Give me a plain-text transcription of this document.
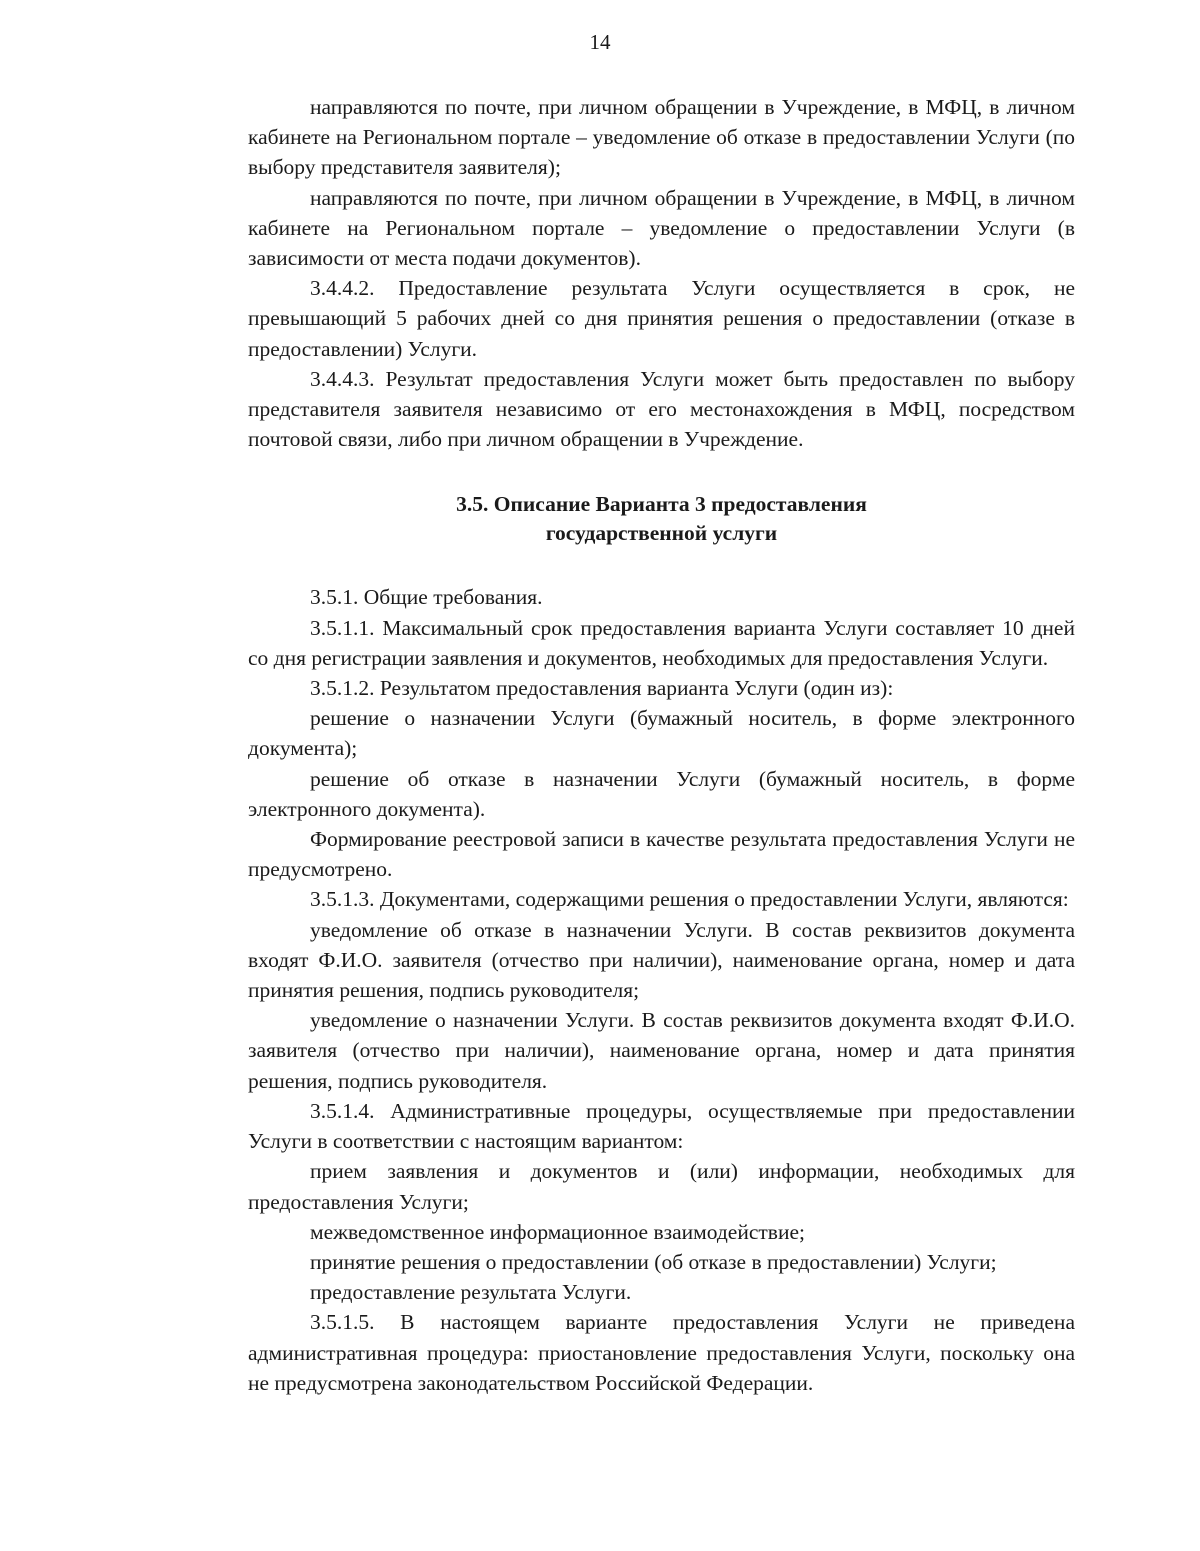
14

направляются по почте, при личном обращении в Учреждение, в МФЦ, в личном кабинете на Региональном портале – уведомление об отказе в предоставлении Услуги (по выбору представителя заявителя);

направляются по почте, при личном обращении в Учреждение, в МФЦ, в личном кабинете на Региональном портале – уведомление о предоставлении Услуги (в зависимости от места подачи документов).

3.4.4.2. Предоставление результата Услуги осуществляется в срок, не превышающий 5 рабочих дней со дня принятия решения о предоставлении (отказе в предоставлении) Услуги.

3.4.4.3. Результат предоставления Услуги может быть предоставлен по выбору представителя заявителя независимо от его местонахождения в МФЦ, посредством почтовой связи, либо при личном обращении в Учреждение.

3.5. Описание Варианта 3 предоставления
государственной услуги

3.5.1. Общие требования.

3.5.1.1. Максимальный срок предоставления варианта Услуги составляет 10 дней со дня регистрации заявления и документов, необходимых для предоставления Услуги.

3.5.1.2. Результатом предоставления варианта Услуги (один из):

решение о назначении Услуги (бумажный носитель, в форме электронного документа);

решение об отказе в назначении Услуги (бумажный носитель, в форме электронного документа).

Формирование реестровой записи в качестве результата предоставления Услуги не предусмотрено.

3.5.1.3. Документами, содержащими решения о предоставлении Услуги, являются:

уведомление об отказе в назначении Услуги. В состав реквизитов документа входят Ф.И.О. заявителя (отчество при наличии), наименование органа, номер и дата принятия решения, подпись руководителя;

уведомление о назначении Услуги. В состав реквизитов документа входят Ф.И.О. заявителя (отчество при наличии), наименование органа, номер и дата принятия решения, подпись руководителя.

3.5.1.4. Административные процедуры, осуществляемые при предоставлении Услуги в соответствии с настоящим вариантом:

прием заявления и документов и (или) информации, необходимых для предоставления Услуги;

межведомственное информационное взаимодействие;

принятие решения о предоставлении (об отказе в предоставлении) Услуги;

предоставление результата Услуги.

3.5.1.5. В настоящем варианте предоставления Услуги не приведена административная процедура: приостановление предоставления Услуги, поскольку она не предусмотрена законодательством Российской Федерации.
